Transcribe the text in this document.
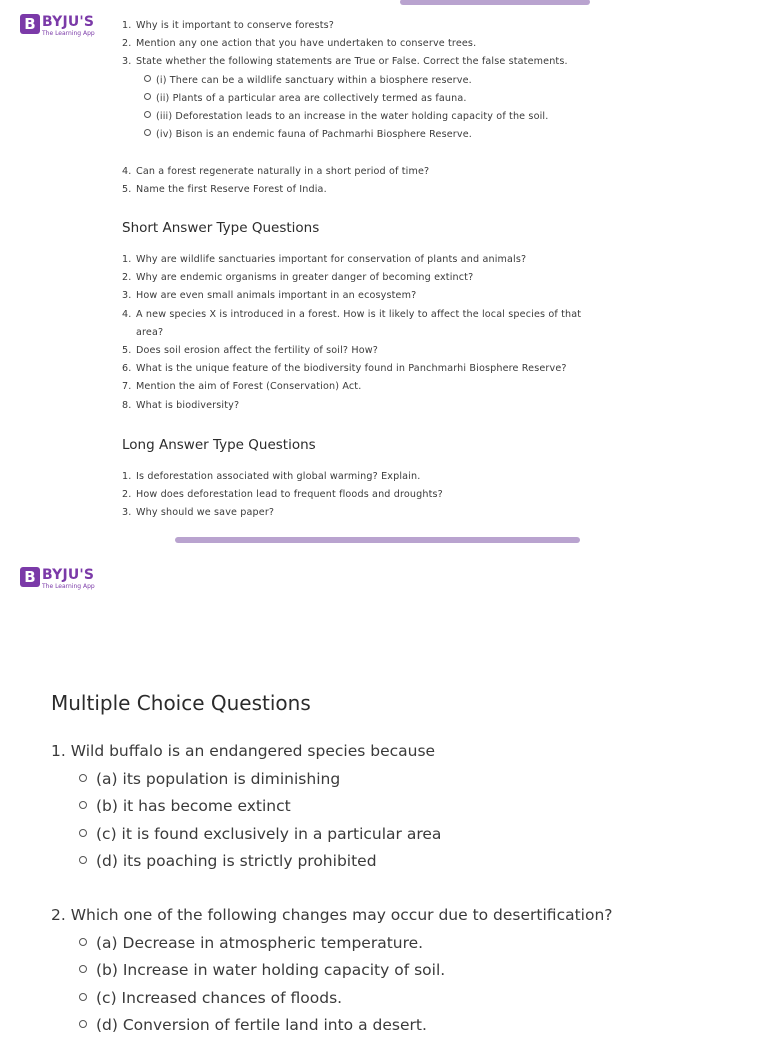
B BYJU'S
The Learning App
1. Why is it important to conserve forests?
2. Mention any one action that you have undertaken to conserve trees.
3. State whether the following statements are True or False. Correct the false statements.
(i) There can be a wildlife sanctuary within a biosphere reserve.
(ii) Plants of a particular area are collectively termed as fauna.
(iii) Deforestation leads to an increase in the water holding capacity of the soil.
(iv) Bison is an endemic fauna of Pachmarhi Biosphere Reserve.
4. Can a forest regenerate naturally in a short period of time?
5. Name the first Reserve Forest of India.
Short Answer Type Questions
1. Why are wildlife sanctuaries important for conservation of plants and animals?
2. Why are endemic organisms in greater danger of becoming extinct?
3. How are even small animals important in an ecosystem?
4. A new species X is introduced in a forest. How is it likely to affect the local species of that
area?
5. Does soil erosion affect the fertility of soil? How?
6. What is the unique feature of the biodiversity found in Panchmarhi Biosphere Reserve?
7. Mention the aim of Forest (Conservation) Act.
8. What is biodiversity?
Long Answer Type Questions
1. Is deforestation associated with global warming? Explain.
2. How does deforestation lead to frequent floods and droughts?
3. Why should we save paper?
B BYJU'S
The Learning App
Multiple Choice Questions
1. Wild buffalo is an endangered species because
(a) its population is diminishing
(b) it has become extinct
(c) it is found exclusively in a particular area
(d) its poaching is strictly prohibited
2. Which one of the following changes may occur due to desertification?
(a) Decrease in atmospheric temperature.
(b) Increase in water holding capacity of soil.
(c) Increased chances of floods.
(d) Conversion of fertile land into a desert.
